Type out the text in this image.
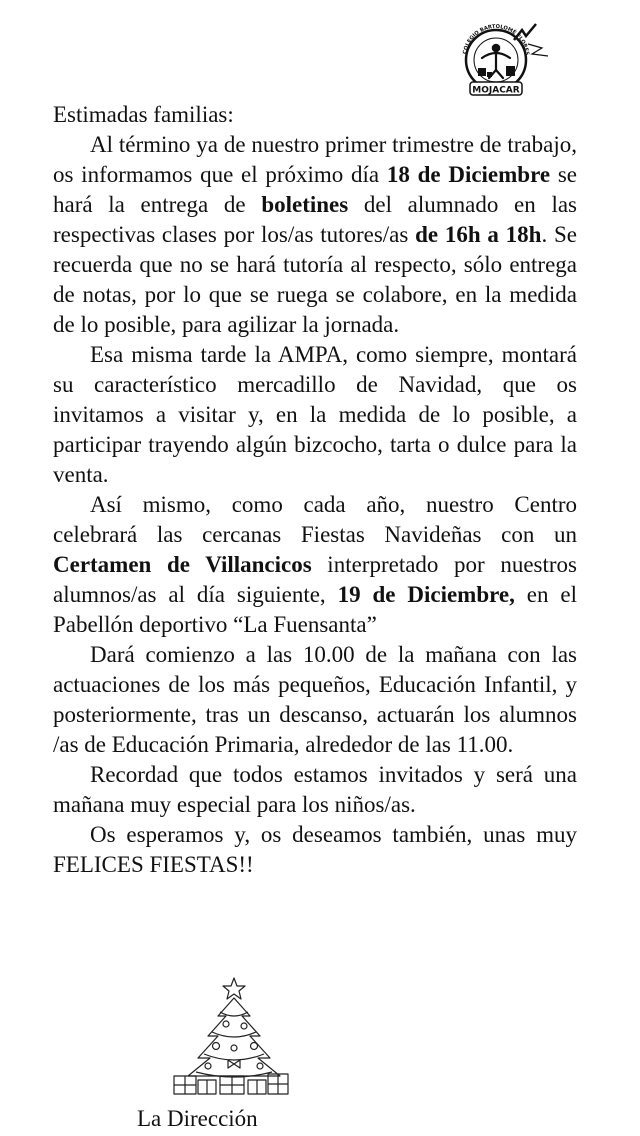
COLEGIO BARTOLOMÉ FLORES
MOJACAR

Estimadas familias:

Al término ya de nuestro primer trimestre de trabajo, os informamos que el próximo día 18 de Diciembre se hará la entrega de boletines del alumnado en las respectivas clases por los/as tutores/as de 16h a 18h. Se recuerda que no se hará tutoría al respecto, sólo entrega de notas, por lo que se ruega se colabore, en la medida de lo posible, para agilizar la jornada.

Esa misma tarde la AMPA, como siempre, montará su característico mercadillo de Navidad, que os invitamos a visitar y, en la medida de lo posible, a participar trayendo algún bizcocho, tarta o dulce para la venta.

Así mismo, como cada año, nuestro Centro celebrará las cercanas Fiestas Navideñas con un Certamen de Villancicos interpretado por nuestros alumnos/as al día siguiente, 19 de Diciembre, en el Pabellón deportivo “La Fuensanta”

Dará comienzo a las 10.00 de la mañana con las actuaciones de los más pequeños, Educación Infantil, y posteriormente, tras un descanso, actuarán los alumnos /as de Educación Primaria, alrededor de las 11.00.

Recordad que todos estamos invitados y será una mañana muy especial para los niños/as.

Os esperamos y, os deseamos también, unas muy FELICES FIESTAS!!

La Dirección
